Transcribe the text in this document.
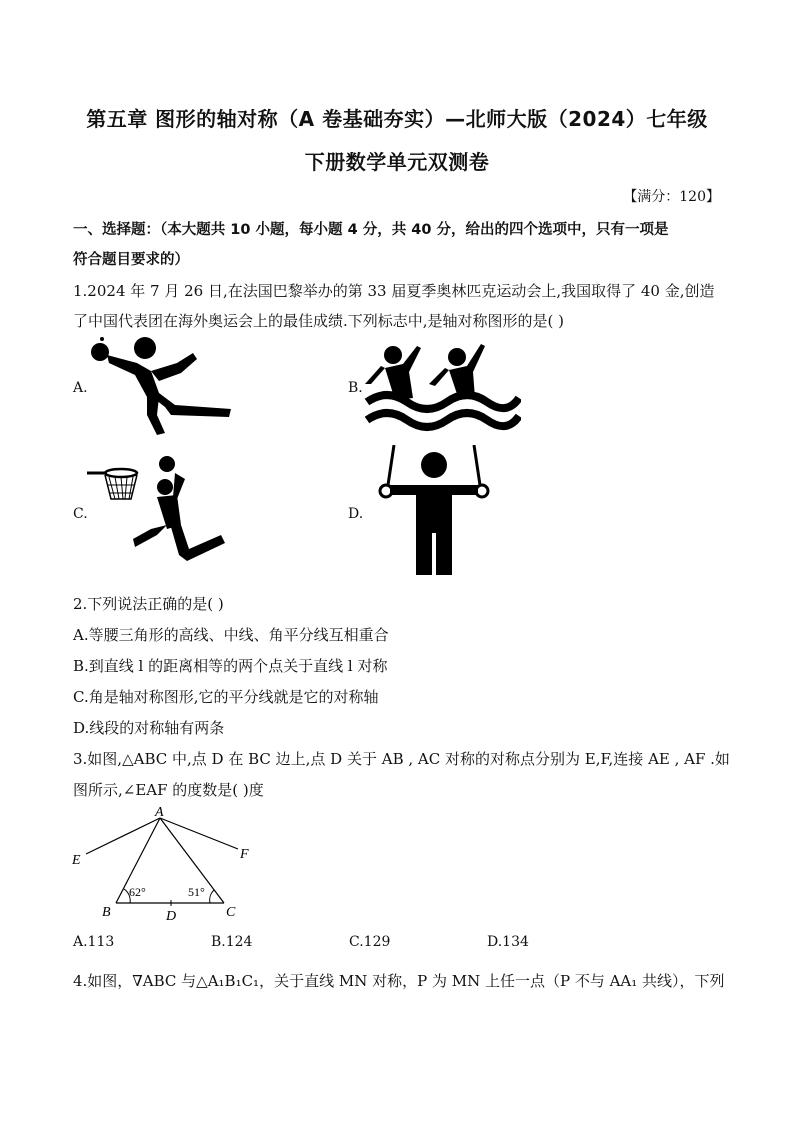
第五章 图形的轴对称（A 卷基础夯实）—北师大版（2024）七年级
下册数学单元双测卷
【满分：120】
一、选择题：（本大题共 10 小题，每小题 4 分，共 40 分，给出的四个选项中，只有一项是
符合题目要求的）
1.2024 年 7 月 26 日,在法国巴黎举办的第 33 届夏季奥林匹克运动会上,我国取得了 40 金,创造
了中国代表团在海外奥运会上的最佳成绩.下列标志中,是轴对称图形的是( )
A.	B.
C.	D.
2.下列说法正确的是( )
A.等腰三角形的高线、中线、角平分线互相重合
B.到直线 l 的距离相等的两个点关于直线 l 对称
C.角是轴对称图形,它的平分线就是它的对称轴
D.线段的对称轴有两条
3.如图,△ABC 中,点 D 在 BC 边上,点 D 关于 AB , AC 对称的对称点分别为 E,F,连接 AE , AF .如
图所示,∠EAF 的度数是( )度
A
B	C
D
E	F
62°	51°
A.113	B.124	C.129	D.134
4.如图，∇ABC 与△A₁B₁C₁，关于直线 MN 对称，P 为 MN 上任一点（P 不与 AA₁ 共线），下列
